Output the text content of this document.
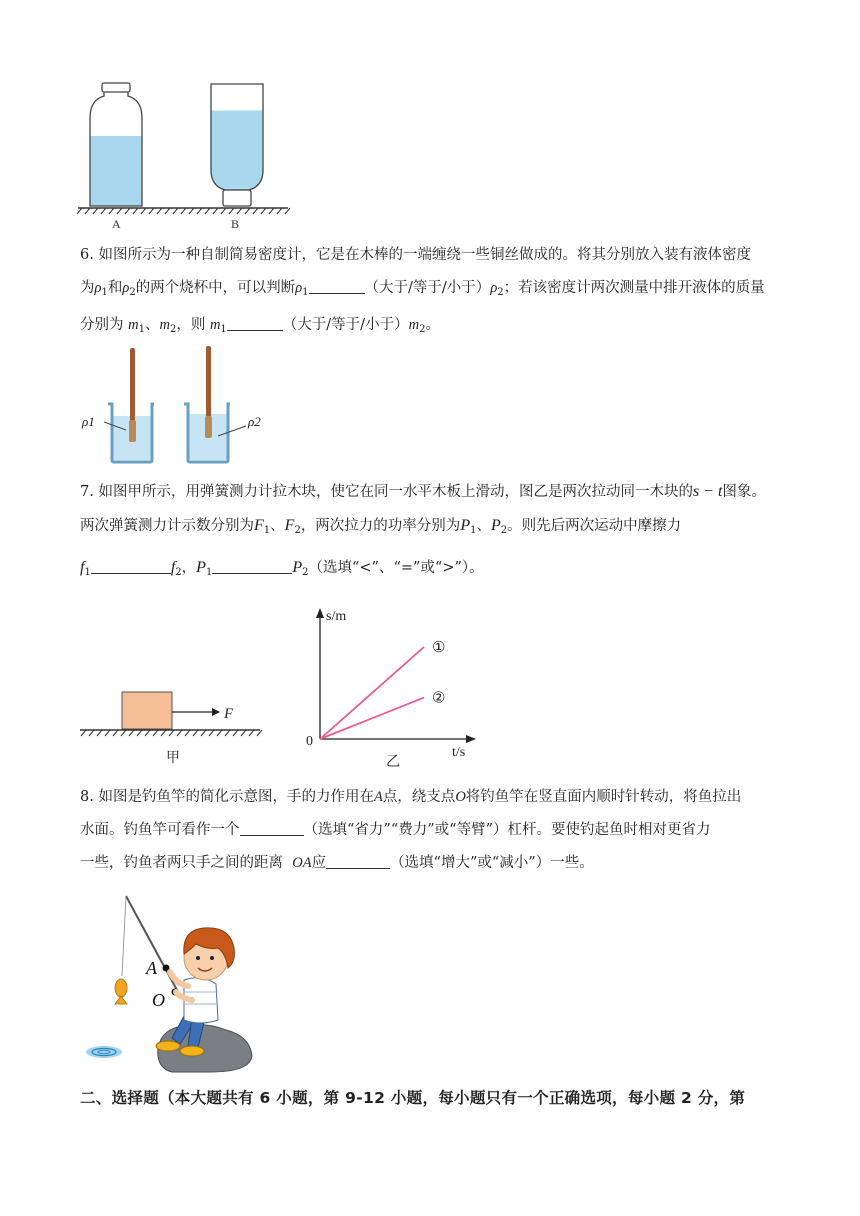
A	B
6. 如图所示为一种自制简易密度计，它是在木棒的一端缠绕一些铜丝做成的。将其分别放入装有液体密度
为$\rho_1$和$\rho_2$的两个烧杯中，可以判断$\rho_1$	（大于/等于/小于）$\rho_2$；若该密度计两次测量中排开液体的质量
分别为 $m_1$、$m_2$，则 $m_1$	（大于/等于/小于）$m_2$。
ρ1	ρ2
7. 如图甲所示，用弹簧测力计拉木块，使它在同一水平木板上滑动，图乙是两次拉动同一木块的s − t图象。
两次弹簧测力计示数分别为$F_1$、$F_2$，两次拉力的功率分别为$P_1$、$P_2$。则先后两次运动中摩擦力
$f_1$	$f_2$，$P_1$	$P_2$（选填“<”、“=”或“>”）。
F
甲
s/m
t/s
0
①
②
乙
8. 如图是钓鱼竿的简化示意图，手的力作用在A点，绕支点O将钓鱼竿在竖直面内顺时针转动，将鱼拉出
水面。钓鱼竿可看作一个	（选填“省力”“费力”或“等臂”）杠杆。要使钓起鱼时相对更省力
一些，钓鱼者两只手之间的距离 OA应	（选填“增大”或“减小”）一些。
A
O
二、选择题（本大题共有 6 小题，第 9-12 小题，每小题只有一个正确选项，每小题 2 分，第
